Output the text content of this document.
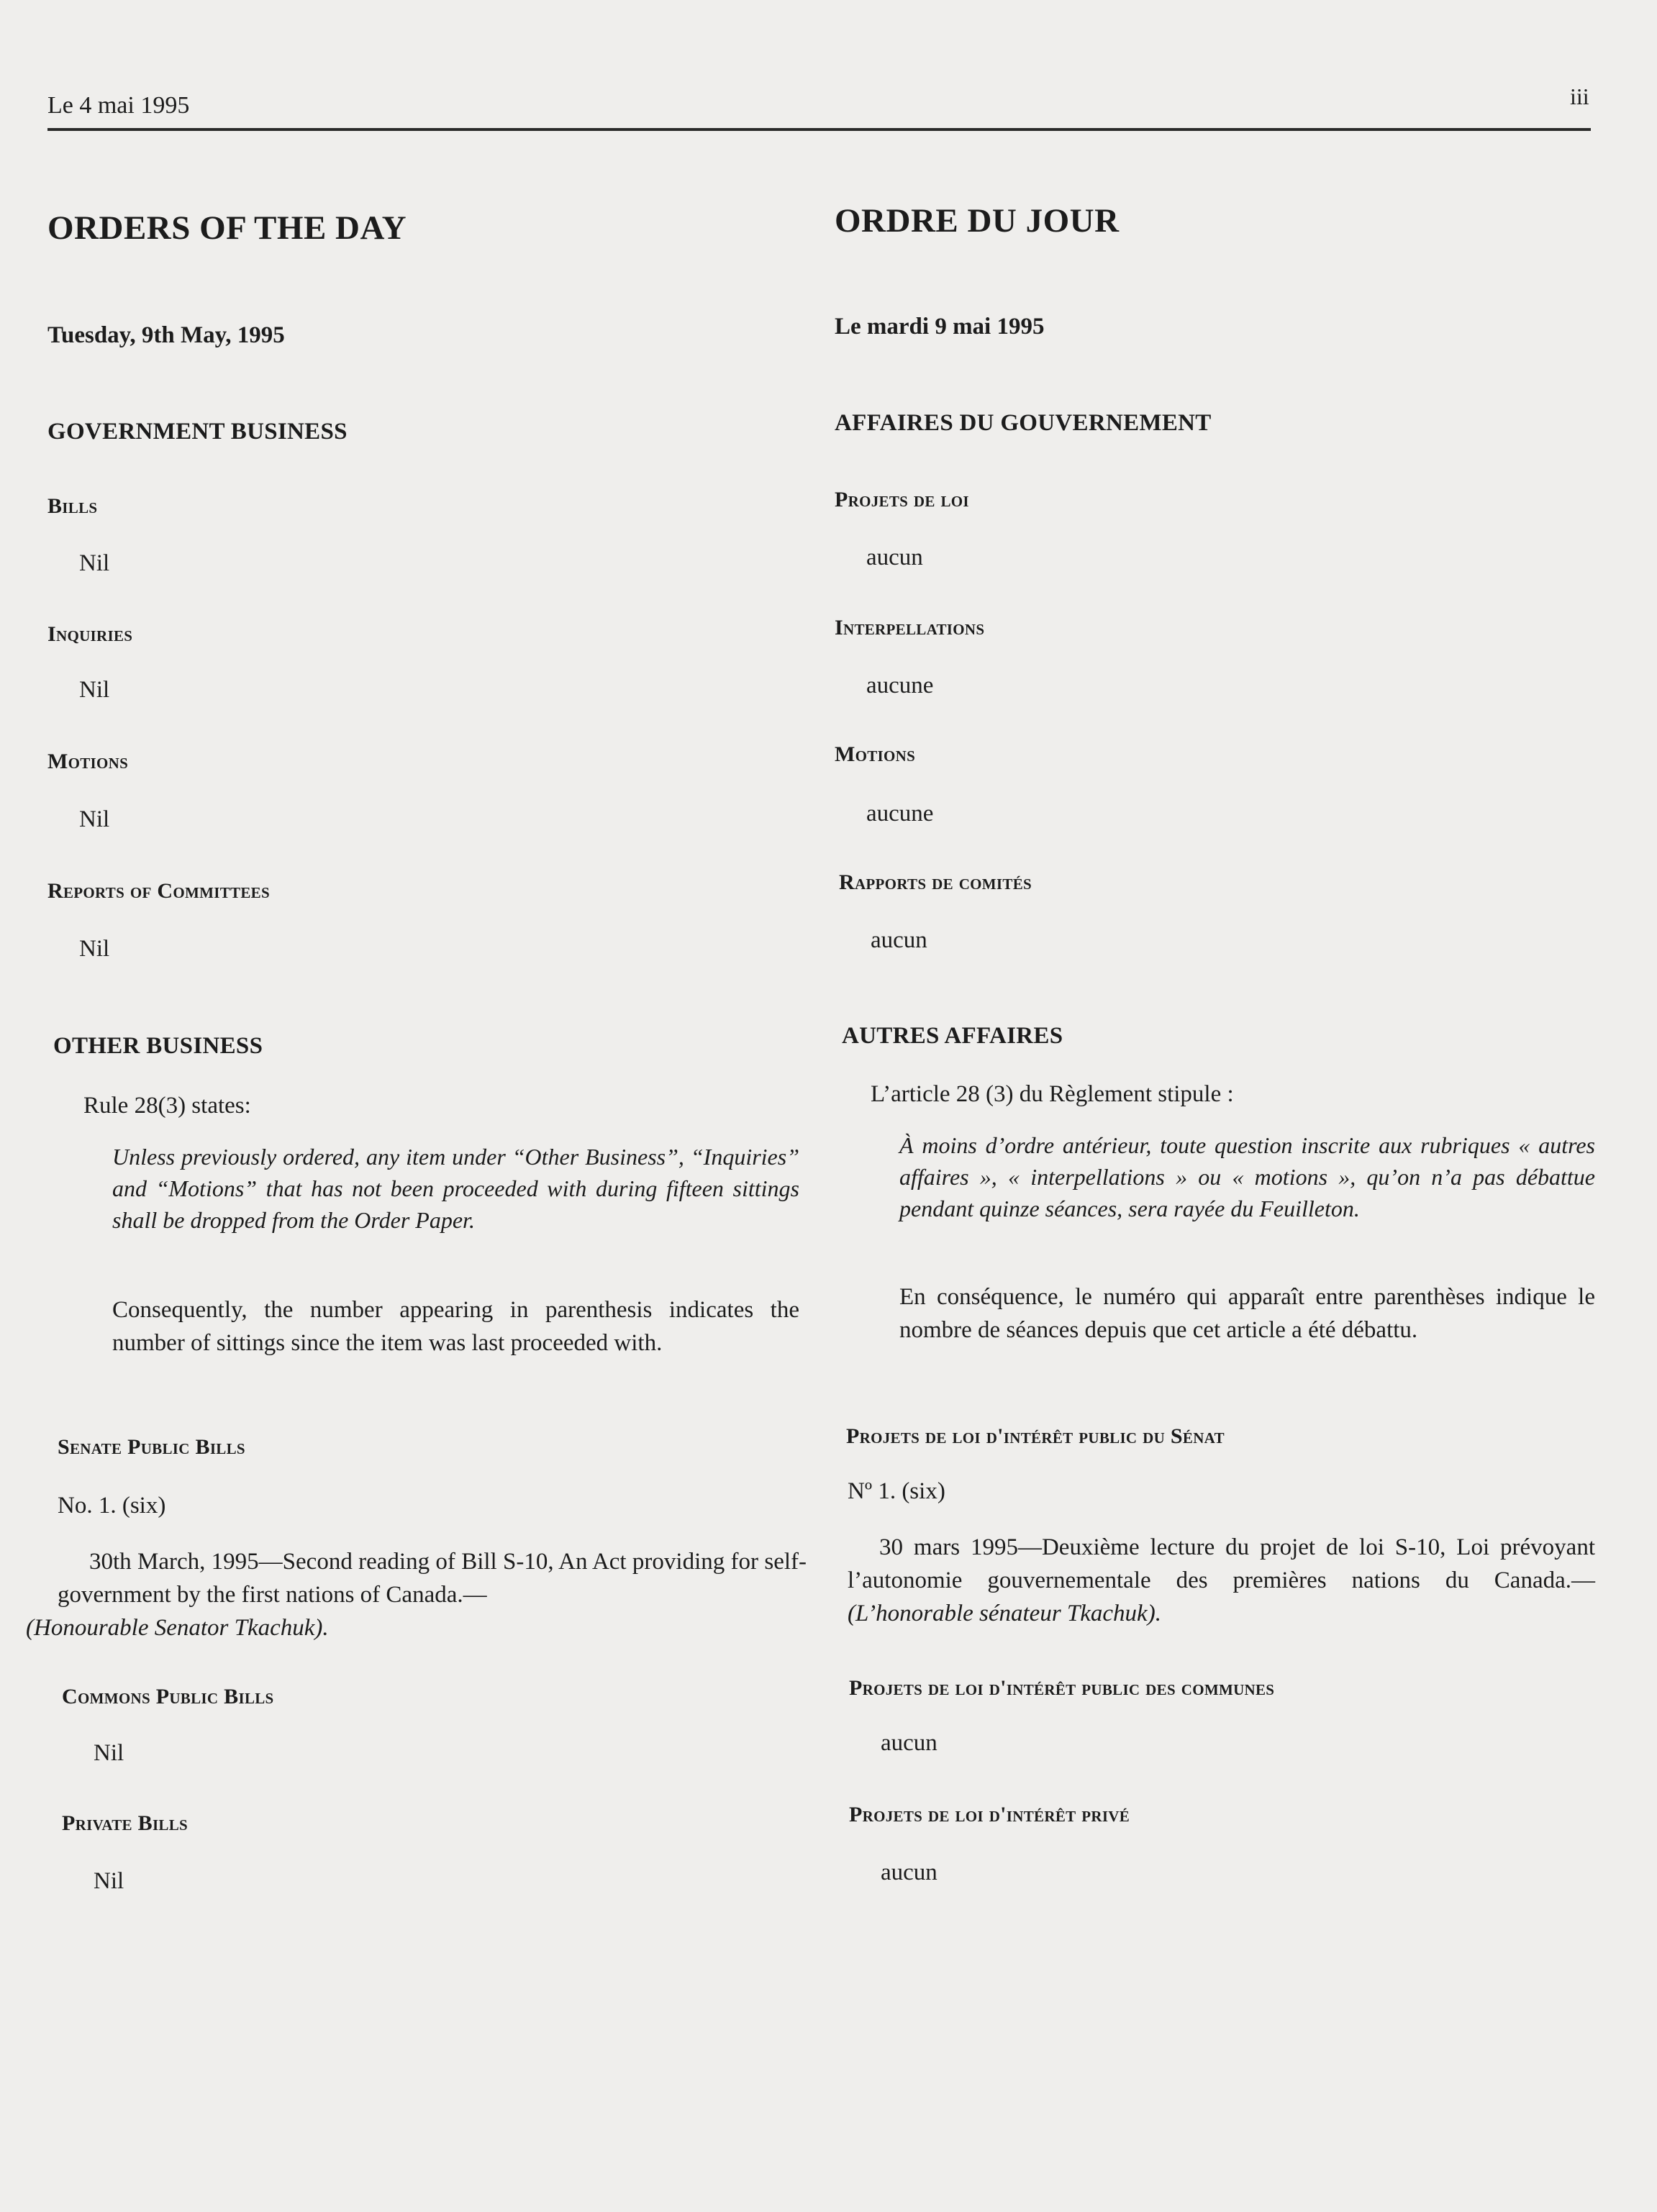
Le 4 mai 1995	iii
ORDERS OF THE DAY
Tuesday, 9th May, 1995
GOVERNMENT BUSINESS
Bills
Nil
Inquiries
Nil
Motions
Nil
Reports of Committees
Nil
OTHER BUSINESS
Rule 28(3) states:
Unless previously ordered, any item under “Other Business”, “Inquiries” and “Motions” that has not been proceeded with during fifteen sittings shall be dropped from the Order Paper.
Consequently, the number appearing in parenthesis indicates the number of sittings since the item was last proceeded with.
Senate Public Bills
No. 1. (six)
30th March, 1995—Second reading of Bill S-10, An Act providing for self-government by the first nations of Canada.—
(Honourable Senator Tkachuk).
Commons Public Bills
Nil
Private Bills
Nil
ORDRE DU JOUR
Le mardi 9 mai 1995
AFFAIRES DU GOUVERNEMENT
Projets de loi
aucun
Interpellations
aucune
Motions
aucune
Rapports de comités
aucun
AUTRES AFFAIRES
L’article 28 (3) du Règlement stipule :
À moins d’ordre antérieur, toute question inscrite aux rubriques « autres affaires », « interpellations » ou « motions », qu’on n’a pas débattue pendant quinze séances, sera rayée du Feuilleton.
En conséquence, le numéro qui apparaît entre parenthèses indique le nombre de séances depuis que cet article a été débattu.
Projets de loi d'intérêt public du Sénat
Nº 1. (six)
30 mars 1995—Deuxième lecture du projet de loi S-10, Loi prévoyant l’autonomie gouvernementale des premières nations du Canada.—(L’honorable sénateur Tkachuk).
Projets de loi d'intérêt public des communes
aucun
Projets de loi d'intérêt privé
aucun
